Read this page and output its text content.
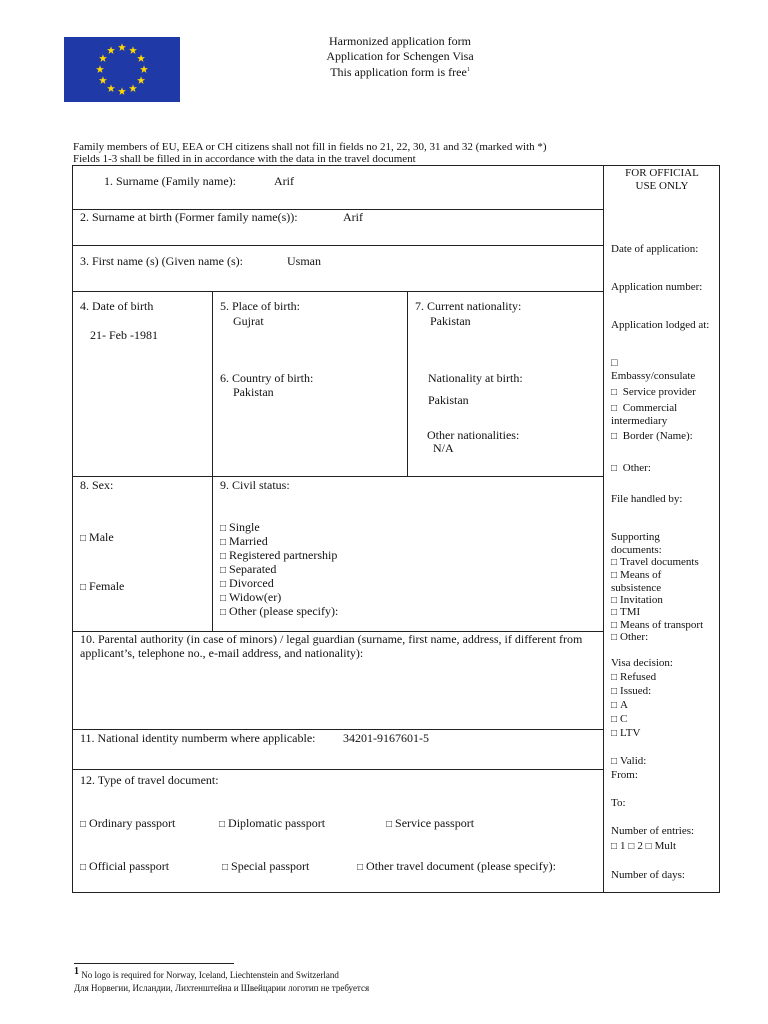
Harmonized application form
Application for Schengen Visa
This application form is free$^1$
Family members of EU, EEA or CH citizens shall not fill in fields no 21, 22, 30, 31 and 32 (marked with *)
Fields 1-3 shall be filled in in accordance with the data in the travel document
1. Surname (Family name):	Arif
2. Surname at birth (Former family name(s)):	Arif
3. First name (s) (Given name (s):	Usman
4. Date of birth
21- Feb -1981
5. Place of birth:
Gujrat
6. Country of birth:
Pakistan
7. Current nationality:
Pakistan
Nationality at birth:
Pakistan
Other nationalities:
N/A
8. Sex:
□ Male
□ Female
9. Civil status:
□ Single
□ Married
□ Registered partnership
□ Separated
□ Divorced
□ Widow(er)
□ Other (please specify):
10. Parental authority (in case of minors) / legal guardian (surname, first name, address, if different from applicant’s, telephone no., e-mail address, and nationality):
11. National identity numberm where applicable: 34201-9167601-5
12. Type of travel document:
□ Ordinary passport	□ Diplomatic passport	□ Service passport
□ Official passport	□ Special passport	□ Other travel document (please specify):
FOR OFFICIAL
USE ONLY
Date of application:
Application number:
Application lodged at:
□
Embassy/consulate
□ Service provider
□ Commercial intermediary
□ Border (Name):
□ Other:
File handled by:
Supporting documents:
□ Travel documents
□ Means of subsistence
□ Invitation
□ TMI
□ Means of transport
□ Other:
Visa decision:
□ Refused
□ Issued:
□ A
□ C
□ LTV
□ Valid:
From:
To:
Number of entries:
□ 1 □ 2 □ Mult
Number of days:
$^1$ No logo is required for Norway, Iceland, Liechtenstein and Switzerland
Для Норвегии, Исландии, Лихтенштейна и Швейцарии логотип не требуется
